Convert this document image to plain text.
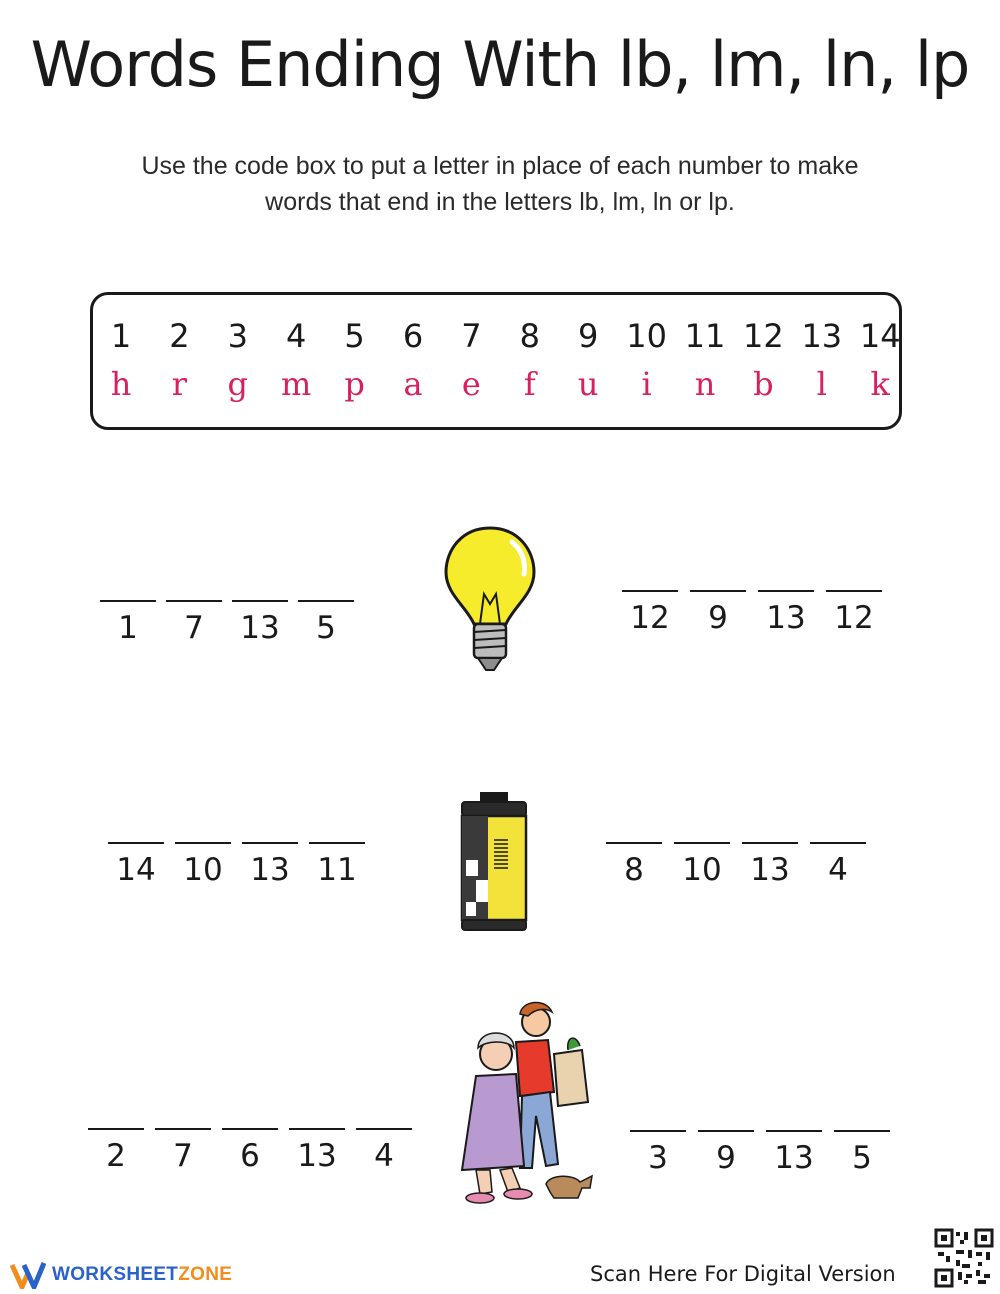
Words Ending With lb, lm, ln, lp
Use the code box to put a letter in place of each number to make
words that end in the letters lb, lm, ln or lp.
1
h
2
r
3
g
4
m
5
p
6
a
7
e
8
f
9
u
10
i
11
n
12
b
13
l
14
k
1	7	13	5	12	9	13 12
14 10 13 11	8	10 13	4
2	7	6	13	4	3	9	13	5
WORKSHEETZONE	Scan Here For Digital Version
